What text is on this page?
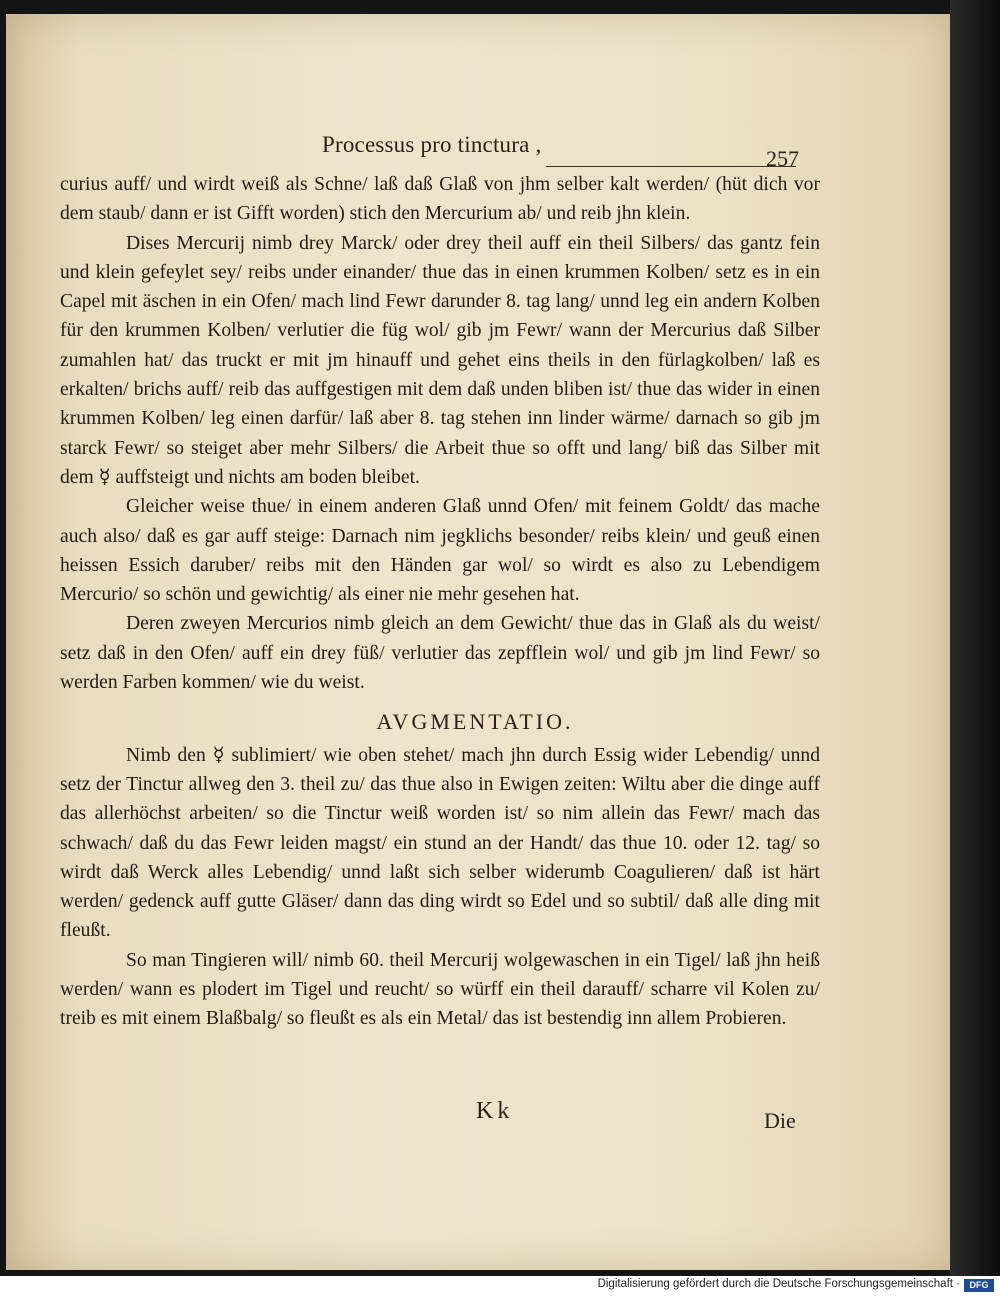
Processus pro tinctura ,
257

curius auff/ und wirdt weiß als Schne/ laß daß Glaß von jhm selber kalt werden/ (hüt dich vor dem staub/ dann er ist Gifft worden) stich den Mercurium ab/ und reib jhn klein.

Dises Mercurij nimb drey Marck/ oder drey theil auff ein theil Silbers/ das gantz fein und klein gefeylet sey/ reibs under einander/ thue das in einen krummen Kolben/ setz es in ein Capel mit äschen in ein Ofen/ mach lind Fewr darunder 8. tag lang/ unnd leg ein andern Kolben für den krummen Kolben/ verlutier die füg wol/ gib jm Fewr/ wann der Mercurius daß Silber zumahlen hat/ das truckt er mit jm hinauff und gehet eins theils in den fürlagkolben/ laß es erkalten/ brichs auff/ reib das auffgestigen mit dem daß unden bliben ist/ thue das wider in einen krummen Kolben/ leg einen darfür/ laß aber 8. tag stehen inn linder wärme/ darnach so gib jm starck Fewr/ so steiget aber mehr Silbers/ die Arbeit thue so offt und lang/ biß das Silber mit dem ☿ auffsteigt und nichts am boden bleibet.

Gleicher weise thue/ in einem anderen Glaß unnd Ofen/ mit feinem Goldt/ das mache auch also/ daß es gar auff steige: Darnach nim jegklichs besonder/ reibs klein/ und geuß einen heissen Essich daruber/ reibs mit den Händen gar wol/ so wirdt es also zu Lebendigem Mercurio/ so schön und gewichtig/ als einer nie mehr gesehen hat.

Deren zweyen Mercurios nimb gleich an dem Gewicht/ thue das in Glaß als du weist/ setz daß in den Ofen/ auff ein drey füß/ verlutier das zepfflein wol/ und gib jm lind Fewr/ so werden Farben kommen/ wie du weist.

AVGMENTATIO.

Nimb den ☿ sublimiert/ wie oben stehet/ mach jhn durch Essig wider Lebendig/ unnd setz der Tinctur allweg den 3. theil zu/ das thue also in Ewigen zeiten: Wiltu aber die dinge auff das allerhöchst arbeiten/ so die Tinctur weiß worden ist/ so nim allein das Fewr/ mach das schwach/ daß du das Fewr leiden magst/ ein stund an der Handt/ das thue 10. oder 12. tag/ so wirdt daß Werck alles Lebendig/ unnd laßt sich selber widerumb Coagulieren/ daß ist härt werden/ gedenck auff gutte Gläser/ dann das ding wirdt so Edel und so subtil/ daß alle ding mit fleußt.

So man Tingieren will/ nimb 60. theil Mercurij wolgewaschen in ein Tigel/ laß jhn heiß werden/ wann es plodert im Tigel und reucht/ so würff ein theil darauff/ scharre vil Kolen zu/ treib es mit einem Blaßbalg/ so fleußt es als ein Metal/ das ist bestendig inn allem Probieren.

Kk	Die
Digitalisierung gefördert durch die Deutsche Forschungsgemeinschaft ·	DFG
